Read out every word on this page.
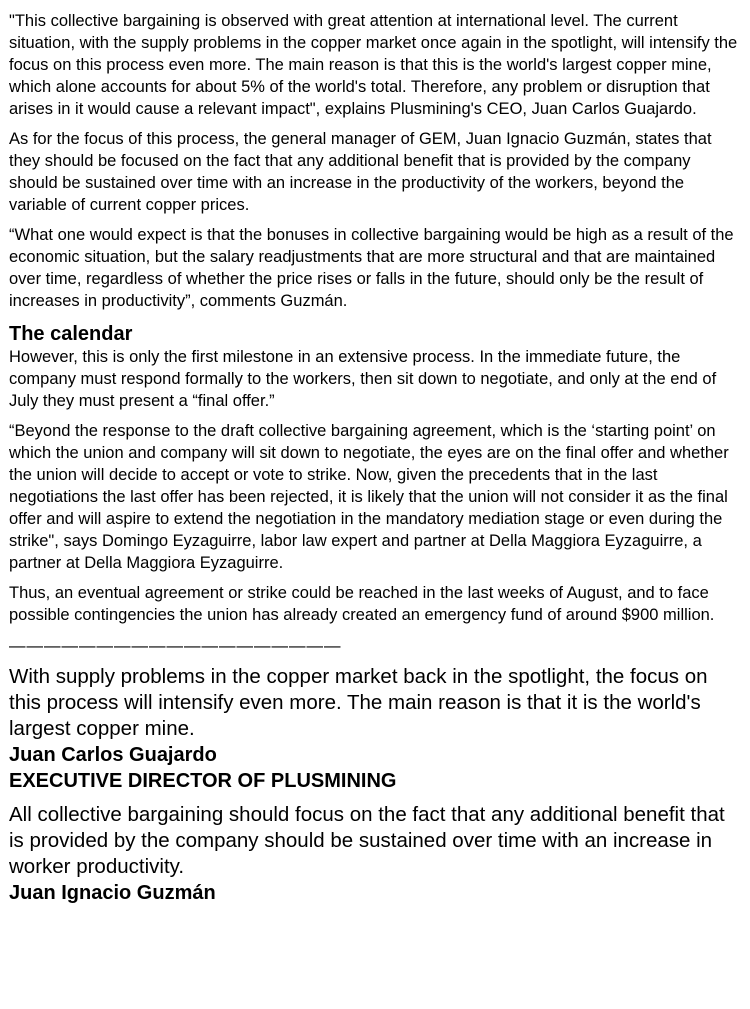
"This collective bargaining is observed with great attention at international level. The current situation, with the supply problems in the copper market once again in the spotlight, will intensify the focus on this process even more. The main reason is that this is the world's largest copper mine, which alone accounts for about 5% of the world's total. Therefore, any problem or disruption that arises in it would cause a relevant impact", explains Plusmining's CEO, Juan Carlos Guajardo.

As for the focus of this process, the general manager of GEM, Juan Ignacio Guzmán, states that they should be focused on the fact that any additional benefit that is provided by the company should be sustained over time with an increase in the productivity of the workers, beyond the variable of current copper prices.

“What one would expect is that the bonuses in collective bargaining would be high as a result of the economic situation, but the salary readjustments that are more structural and that are maintained over time, regardless of whether the price rises or falls in the future, should only be the result of increases in productivity”, comments Guzmán.

The calendar

However, this is only the first milestone in an extensive process. In the immediate future, the company must respond formally to the workers, then sit down to negotiate, and only at the end of July they must present a “final offer.”

“Beyond the response to the draft collective bargaining agreement, which is the ‘starting point’ on which the union and company will sit down to negotiate, the eyes are on the final offer and whether the union will decide to accept or vote to strike. Now, given the precedents that in the last negotiations the last offer has been rejected, it is likely that the union will not consider it as the final offer and will aspire to extend the negotiation in the mandatory mediation stage or even during the strike", says Domingo Eyzaguirre, labor law expert and partner at Della Maggiora Eyzaguirre, a partner at Della Maggiora Eyzaguirre.

Thus, an eventual agreement or strike could be reached in the last weeks of August, and to face possible contingencies the union has already created an emergency fund of around $900 million.

———————————————————

With supply problems in the copper market back in the spotlight, the focus on this process will intensify even more. The main reason is that it is the world's largest copper mine.

Juan Carlos Guajardo

EXECUTIVE DIRECTOR OF PLUSMINING

All collective bargaining should focus on the fact that any additional benefit that is provided by the company should be sustained over time with an increase in worker productivity.

Juan Ignacio Guzmán
